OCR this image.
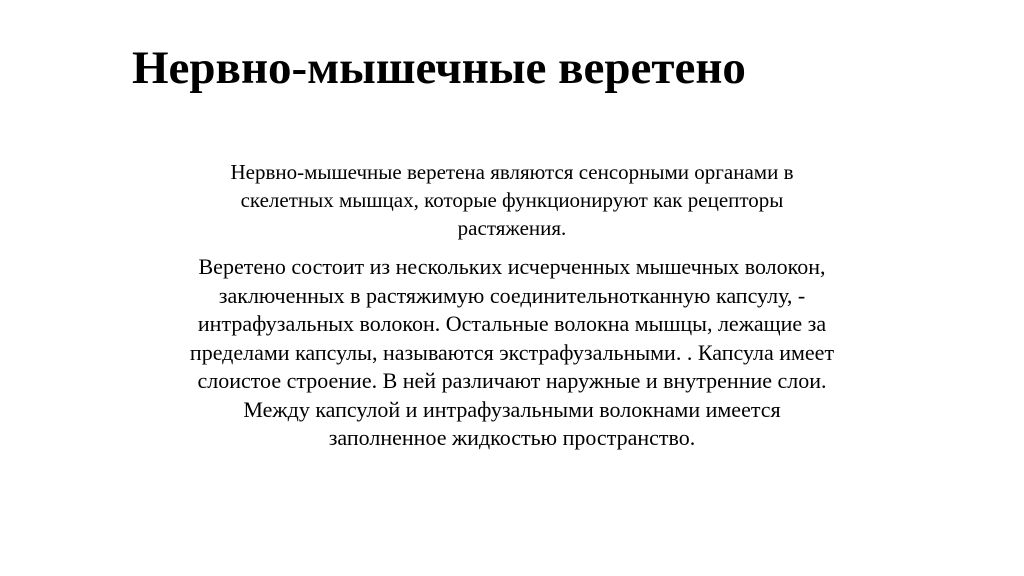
Нервно-мышечные веретено

Нервно-мышечные веретена являются сенсорными органами в
скелетных мышцах, которые функционируют как рецепторы
растяжения.

Веретено состоит из нескольких исчерченных мышечных волокон,
заключенных в растяжимую соединительнотканную капсулу, -
интрафузальных волокон. Остальные волокна мышцы, лежащие за
пределами капсулы, называются экстрафузальными. . Капсула имеет
слоистое строение. В ней различают наружные и внутренние слои.
Между капсулой и интрафузальными волокнами имеется
заполненное жидкостью пространство.
